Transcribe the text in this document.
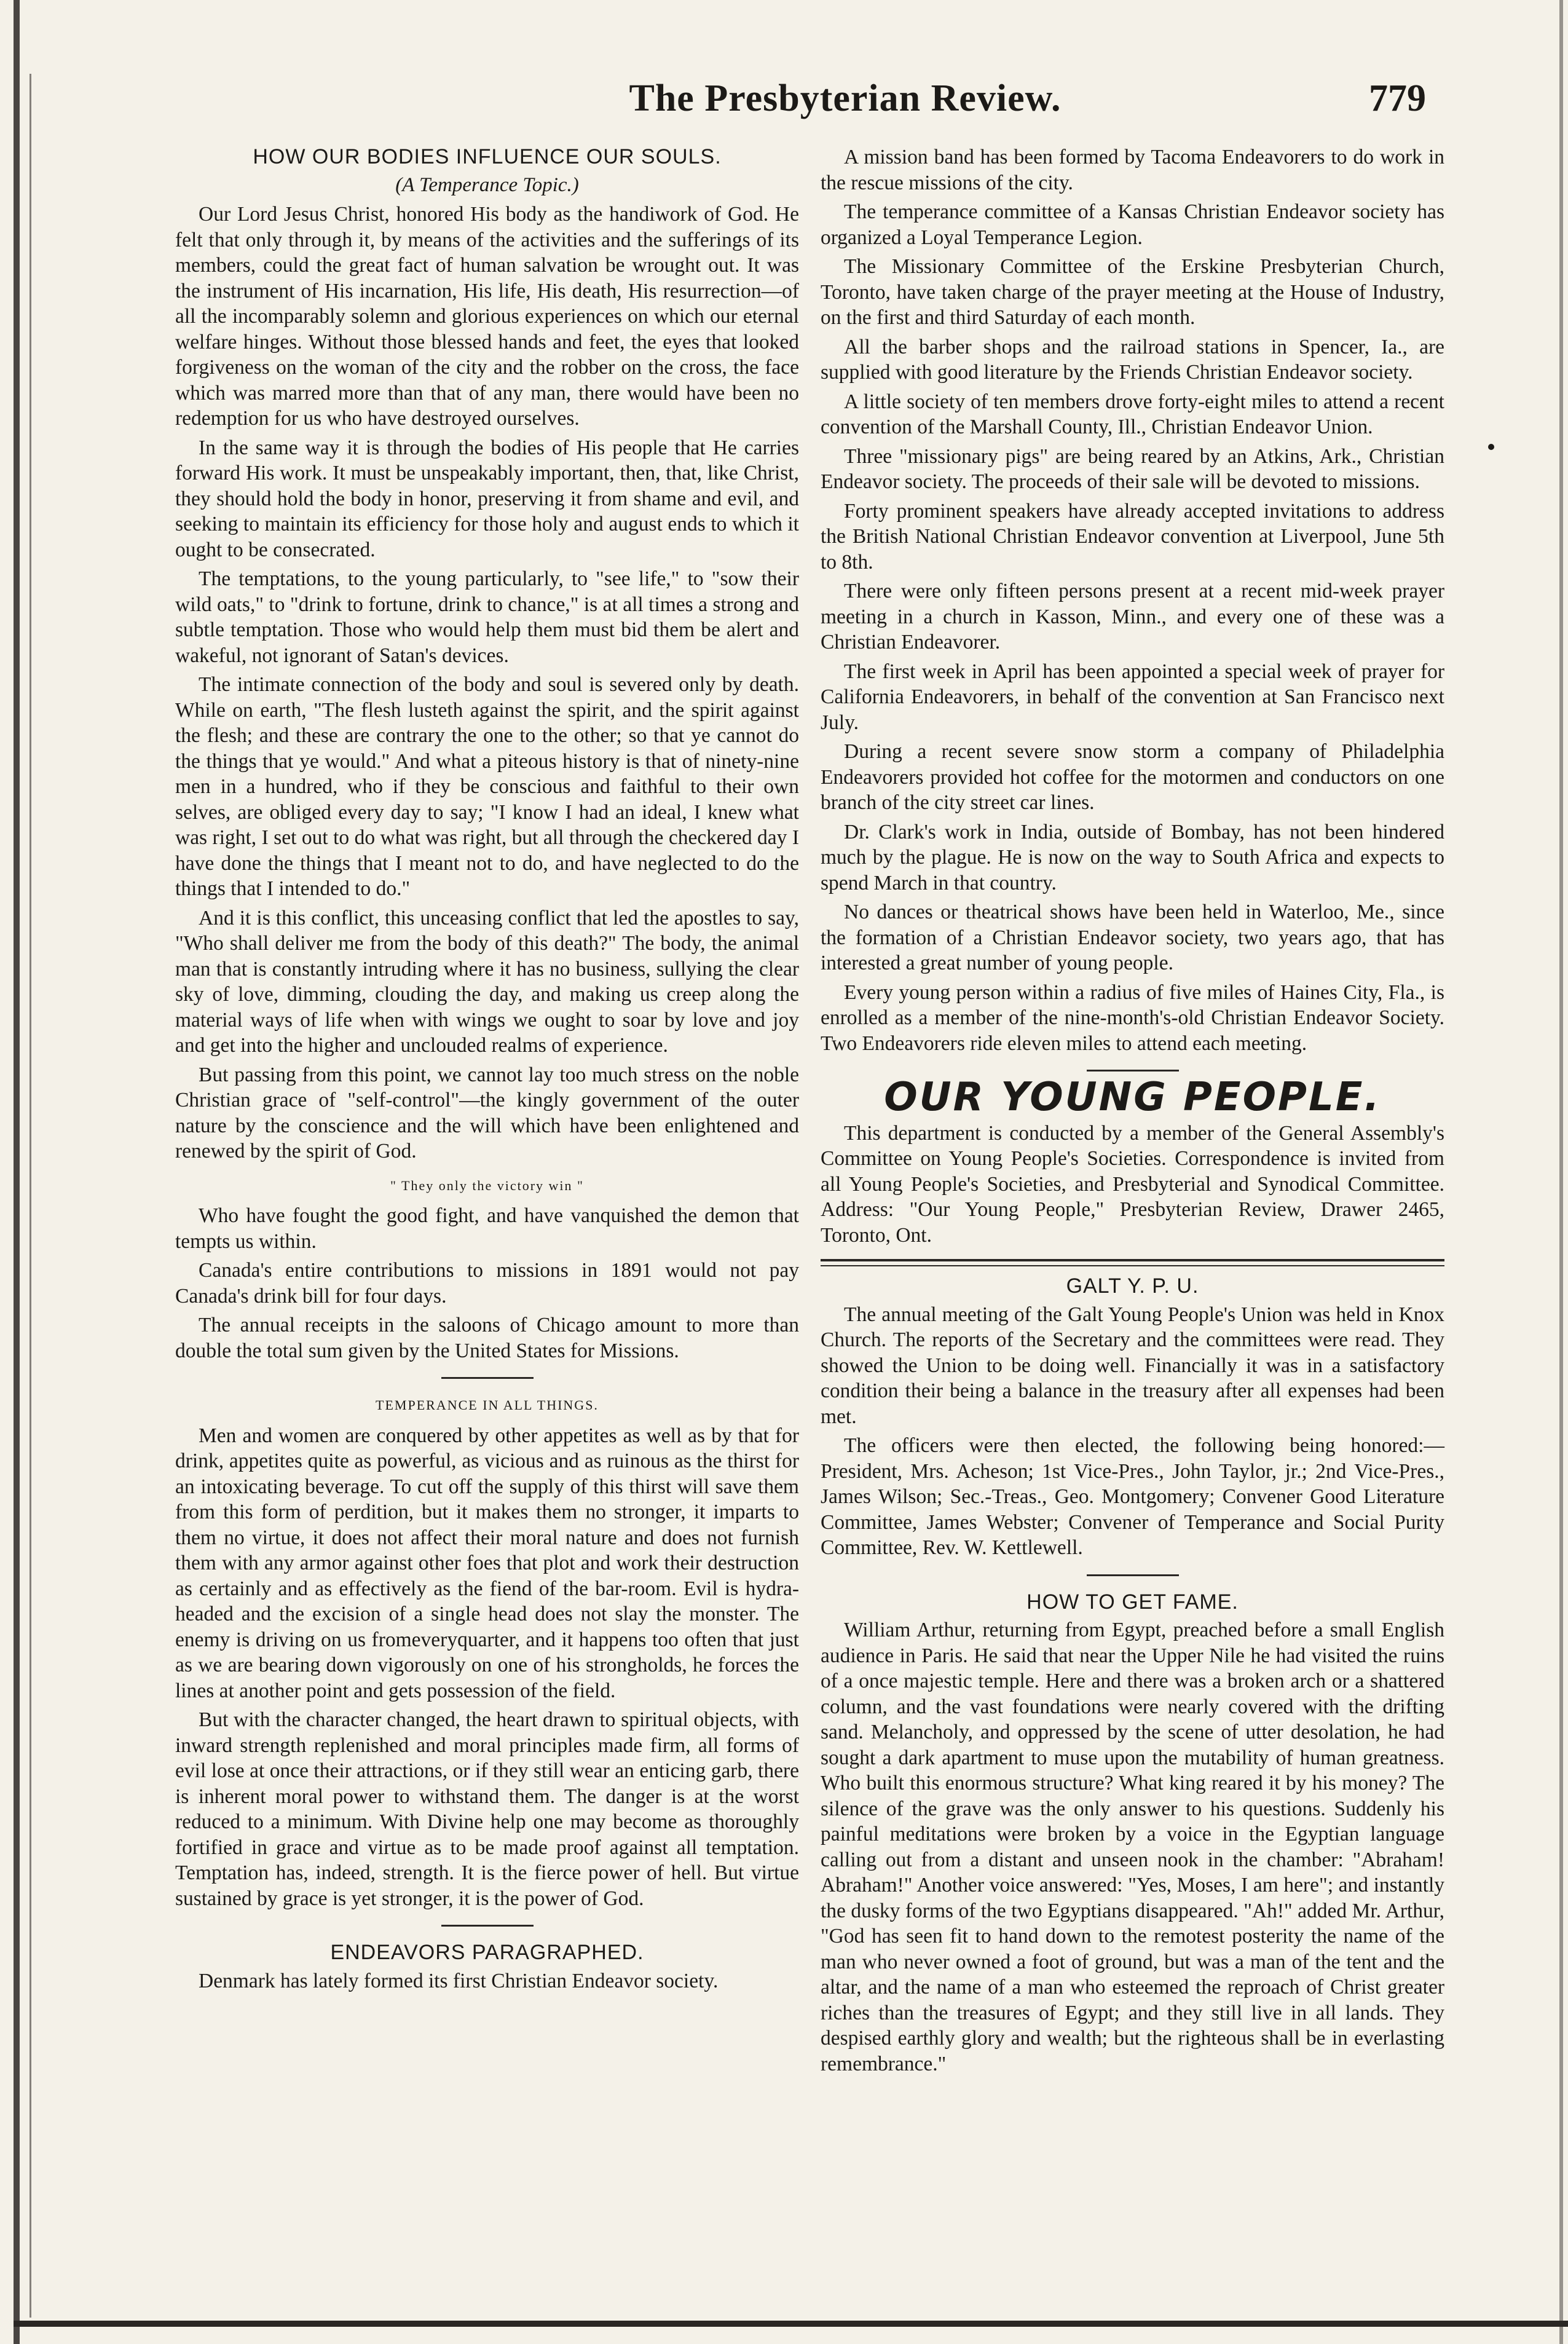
The Presbyterian Review.	779
HOW OUR BODIES INFLUENCE OUR SOULS.

(A Temperance Topic.)

Our Lord Jesus Christ, honored His body as the handiwork of God. He felt that only through it, by means of the activities and the sufferings of its members, could the great fact of human salvation be wrought out. It was the instrument of His incarnation, His life, His death, His resurrection—of all the incomparably solemn and glorious experiences on which our eternal welfare hinges. Without those blessed hands and feet, the eyes that looked forgiveness on the woman of the city and the robber on the cross, the face which was marred more than that of any man, there would have been no redemption for us who have destroyed ourselves.

In the same way it is through the bodies of His people that He carries forward His work. It must be unspeakably important, then, that, like Christ, they should hold the body in honor, preserving it from shame and evil, and seeking to maintain its efficiency for those holy and august ends to which it ought to be consecrated.

The temptations, to the young particularly, to "see life," to "sow their wild oats," to "drink to fortune, drink to chance," is at all times a strong and subtle temptation. Those who would help them must bid them be alert and wakeful, not ignorant of Satan's devices.

The intimate connection of the body and soul is severed only by death. While on earth, "The flesh lusteth against the spirit, and the spirit against the flesh; and these are contrary the one to the other; so that ye cannot do the things that ye would." And what a piteous history is that of ninety-nine men in a hundred, who if they be conscious and faithful to their own selves, are obliged every day to say; "I know I had an ideal, I knew what was right, I set out to do what was right, but all through the checkered day I have done the things that I meant not to do, and have neglected to do the things that I intended to do."

And it is this conflict, this unceasing conflict that led the apostles to say, "Who shall deliver me from the body of this death?" The body, the animal man that is constantly intruding where it has no business, sullying the clear sky of love, dimming, clouding the day, and making us creep along the material ways of life when with wings we ought to soar by love and joy and get into the higher and unclouded realms of experience.

But passing from this point, we cannot lay too much stress on the noble Christian grace of "self-control"—the kingly government of the outer nature by the conscience and the will which have been enlightened and renewed by the spirit of God.

" They only the victory win "

Who have fought the good fight, and have vanquished the demon that tempts us within.

Canada's entire contributions to missions in 1891 would not pay Canada's drink bill for four days.

The annual receipts in the saloons of Chicago amount to more than double the total sum given by the United States for Missions.

TEMPERANCE IN ALL THINGS.

Men and women are conquered by other appetites as well as by that for drink, appetites quite as powerful, as vicious and as ruinous as the thirst for an intoxicating beverage. To cut off the supply of this thirst will save them from this form of perdition, but it makes them no stronger, it imparts to them no virtue, it does not affect their moral nature and does not furnish them with any armor against other foes that plot and work their destruction as certainly and as effectively as the fiend of the bar-room. Evil is hydra-headed and the excision of a single head does not slay the monster. The enemy is driving on us fromeveryquarter, and it happens too often that just as we are bearing down vigorously on one of his strongholds, he forces the lines at another point and gets possession of the field.

But with the character changed, the heart drawn to spiritual objects, with inward strength replenished and moral principles made firm, all forms of evil lose at once their attractions, or if they still wear an enticing garb, there is inherent moral power to withstand them. The danger is at the worst reduced to a minimum. With Divine help one may become as thoroughly fortified in grace and virtue as to be made proof against all temptation. Temptation has, indeed, strength. It is the fierce power of hell. But virtue sustained by grace is yet stronger, it is the power of God.

ENDEAVORS PARAGRAPHED.

Denmark has lately formed its first Christian Endeavor society.

A mission band has been formed by Tacoma Endeavorers to do work in the rescue missions of the city.

The temperance committee of a Kansas Christian Endeavor society has organized a Loyal Temperance Legion.

The Missionary Committee of the Erskine Presbyterian Church, Toronto, have taken charge of the prayer meeting at the House of Industry, on the first and third Saturday of each month.

All the barber shops and the railroad stations in Spencer, Ia., are supplied with good literature by the Friends Christian Endeavor society.

A little society of ten members drove forty-eight miles to attend a recent convention of the Marshall County, Ill., Christian Endeavor Union.

Three "missionary pigs" are being reared by an Atkins, Ark., Christian Endeavor society. The proceeds of their sale will be devoted to missions.

Forty prominent speakers have already accepted invitations to address the British National Christian Endeavor convention at Liverpool, June 5th to 8th.

There were only fifteen persons present at a recent mid-week prayer meeting in a church in Kasson, Minn., and every one of these was a Christian Endeavorer.

The first week in April has been appointed a special week of prayer for California Endeavorers, in behalf of the convention at San Francisco next July.

During a recent severe snow storm a company of Philadelphia Endeavorers provided hot coffee for the motormen and conductors on one branch of the city street car lines.

Dr. Clark's work in India, outside of Bombay, has not been hindered much by the plague. He is now on the way to South Africa and expects to spend March in that country.

No dances or theatrical shows have been held in Waterloo, Me., since the formation of a Christian Endeavor society, two years ago, that has interested a great number of young people.

Every young person within a radius of five miles of Haines City, Fla., is enrolled as a member of the nine-month's-old Christian Endeavor Society. Two Endeavorers ride eleven miles to attend each meeting.

OUR YOUNG PEOPLE.

This department is conducted by a member of the General Assembly's Committee on Young People's Societies. Correspondence is invited from all Young People's Societies, and Presbyterial and Synodical Committee. Address: "Our Young People," Presbyterian Review, Drawer 2465, Toronto, Ont.

GALT Y. P. U.

The annual meeting of the Galt Young People's Union was held in Knox Church. The reports of the Secretary and the committees were read. They showed the Union to be doing well. Financially it was in a satisfactory condition their being a balance in the treasury after all expenses had been met.

The officers were then elected, the following being honored:— President, Mrs. Acheson; 1st Vice-Pres., John Taylor, jr.; 2nd Vice-Pres., James Wilson; Sec.-Treas., Geo. Montgomery; Convener Good Literature Committee, James Webster; Convener of Temperance and Social Purity Committee, Rev. W. Kettlewell.

HOW TO GET FAME.

William Arthur, returning from Egypt, preached before a small English audience in Paris. He said that near the Upper Nile he had visited the ruins of a once majestic temple. Here and there was a broken arch or a shattered column, and the vast foundations were nearly covered with the drifting sand. Melancholy, and oppressed by the scene of utter desolation, he had sought a dark apartment to muse upon the mutability of human greatness. Who built this enormous structure? What king reared it by his money? The silence of the grave was the only answer to his questions. Suddenly his painful meditations were broken by a voice in the Egyptian language calling out from a distant and unseen nook in the chamber: "Abraham! Abraham!" Another voice answered: "Yes, Moses, I am here"; and instantly the dusky forms of the two Egyptians disappeared. "Ah!" added Mr. Arthur, "God has seen fit to hand down to the remotest posterity the name of the man who never owned a foot of ground, but was a man of the tent and the altar, and the name of a man who esteemed the reproach of Christ greater riches than the treasures of Egypt; and they still live in all lands. They despised earthly glory and wealth; but the righteous shall be in everlasting remembrance."
